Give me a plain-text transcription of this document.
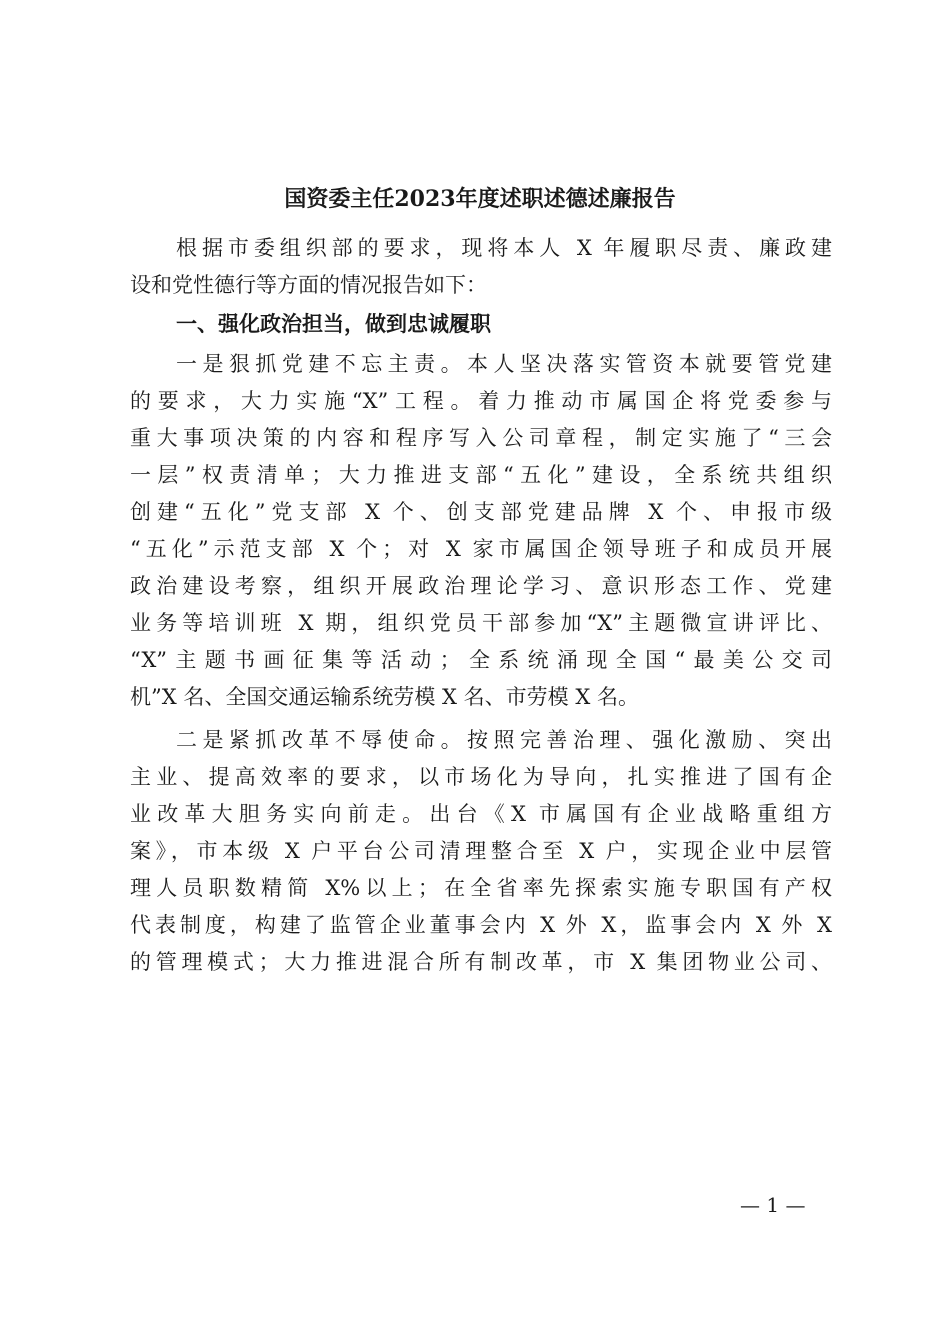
国资委主任2023年度述职述德述廉报告
根据市委组织部的要求，现将本人 X 年履职尽责、廉政建
设和党性德行等方面的情况报告如下：
一、强化政治担当，做到忠诚履职
一是狠抓党建不忘主责。本人坚决落实管资本就要管党建
的要求，大力实施“X”工程。着力推动市属国企将党委参与
重大事项决策的内容和程序写入公司章程，制定实施了“三会
一层”权责清单；大力推进支部“五化”建设，全系统共组织
创建“五化”党支部 X 个、创支部党建品牌 X 个、申报市级
“五化”示范支部 X 个；对 X 家市属国企领导班子和成员开展
政治建设考察，组织开展政治理论学习、意识形态工作、党建
业务等培训班 X 期，组织党员干部参加“X”主题微宣讲评比、
“X”主题书画征集等活动；全系统涌现全国“最美公交司
机”X 名、全国交通运输系统劳模 X 名、市劳模 X 名。
二是紧抓改革不辱使命。按照完善治理、强化激励、突出
主业、提高效率的要求，以市场化为导向，扎实推进了国有企
业改革大胆务实向前走。出台《X 市属国有企业战略重组方
案》，市本级 X 户平台公司清理整合至 X 户，实现企业中层管
理人员职数精简 X%以上；在全省率先探索实施专职国有产权
代表制度，构建了监管企业董事会内 X 外 X，监事会内 X 外 X
的管理模式；大力推进混合所有制改革，市 X 集团物业公司、
— 1 —
